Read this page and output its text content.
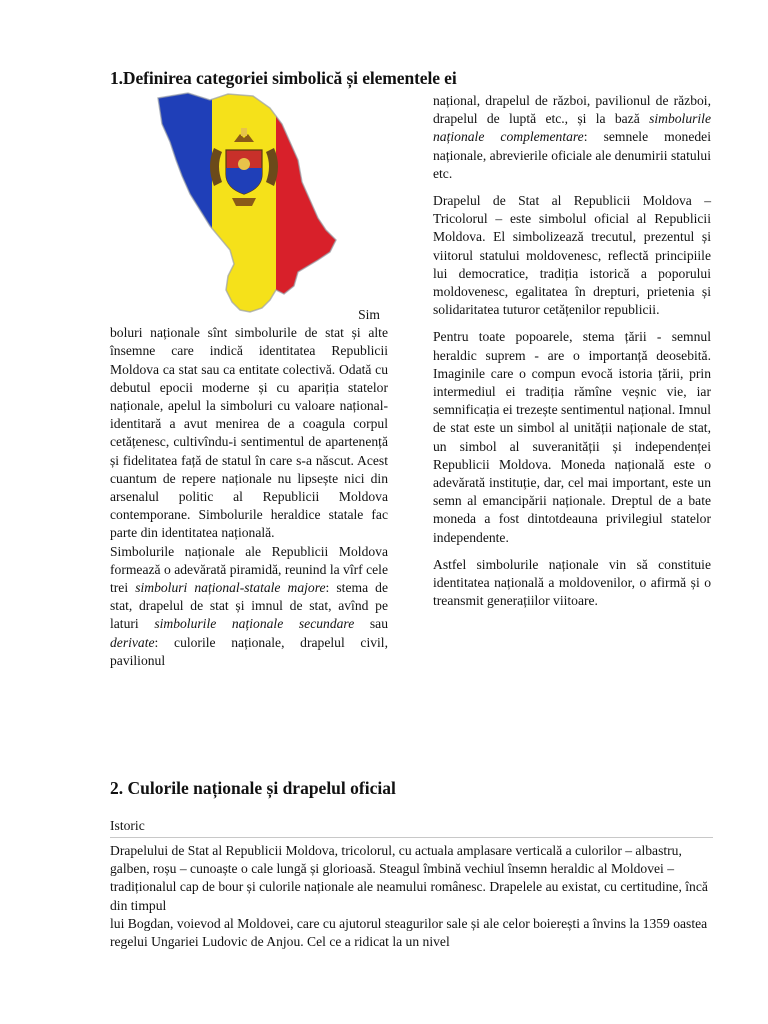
1.Definirea categoriei simbolică și elementele ei
Sim

boluri naționale sînt simbolurile de stat și alte însemne care indică identitatea Republicii Moldova ca stat sau ca entitate colectivă. Odată cu debutul epocii moderne și cu apariția statelor naționale, apelul la simboluri cu valoare național-identitară a avut menirea de a coagula corpul cetățenesc, cultivîndu-i sentimentul de apartenență și fidelitatea față de statul în care s-a născut. Acest cuantum de repere naționale nu lipsește nici din arsenalul politic al Republicii Moldova contemporane. Simbolurile heraldice statale fac parte din identitatea națională.

Simbolurile naționale ale Republicii Moldova formează o adevărată piramidă, reunind la vîrf cele trei simboluri național-statale majore: stema de stat, drapelul de stat și imnul de stat, avînd pe laturi simbolurile naționale secundare sau derivate: culorile naționale, drapelul civil, pavilionul

național, drapelul de război, pavilionul de război, drapelul de luptă etc., și la bază simbolurile naționale complementare: semnele monedei naționale, abrevierile oficiale ale denumirii statului etc.

Drapelul de Stat al Republicii Moldova – Tricolorul – este simbolul oficial al Republicii Moldova. El simbolizează trecutul, prezentul și viitorul statului moldovenesc, reflectă principiile lui democratice, tradiția istorică a poporului moldovenesc, egalitatea în drepturi, prietenia și solidaritatea tuturor cetățenilor republicii.

Pentru toate popoarele, stema țării - semnul heraldic suprem - are o importanță deosebită. Imaginile care o compun evocă istoria țării, prin intermediul ei tradiția rămîne veșnic vie, iar semnificația ei trezește sentimentul național. Imnul de stat este un simbol al unității naționale de stat, un simbol al suveranității și independenței Republicii Moldova. Moneda națională este o adevărată instituție, dar, cel mai important, este un semn al emancipării naționale. Dreptul de a bate moneda a fost dintotdeauna privilegiul statelor independente.

Astfel simbolurile naționale vin să constituie identitatea națională a moldovenilor, o afirmă și o treansmit generațiilor viitoare.

2. Culorile naționale și drapelul oficial
Istoric

Drapelului de Stat al Republicii Moldova, tricolorul, cu actuala amplasare verticală a culorilor – albastru, galben, roșu – cunoaște o cale lungă și glorioasă. Steagul îmbină vechiul însemn heraldic al Moldovei – tradiționalul cap de bour și culorile naționale ale neamului românesc. Drapelele au existat, cu certitudine, încă din timpul

lui Bogdan, voievod al Moldovei, care cu ajutorul steagurilor sale și ale celor boierești a învins la 1359 oastea regelui Ungariei Ludovic de Anjou. Cel ce a ridicat la un nivel
